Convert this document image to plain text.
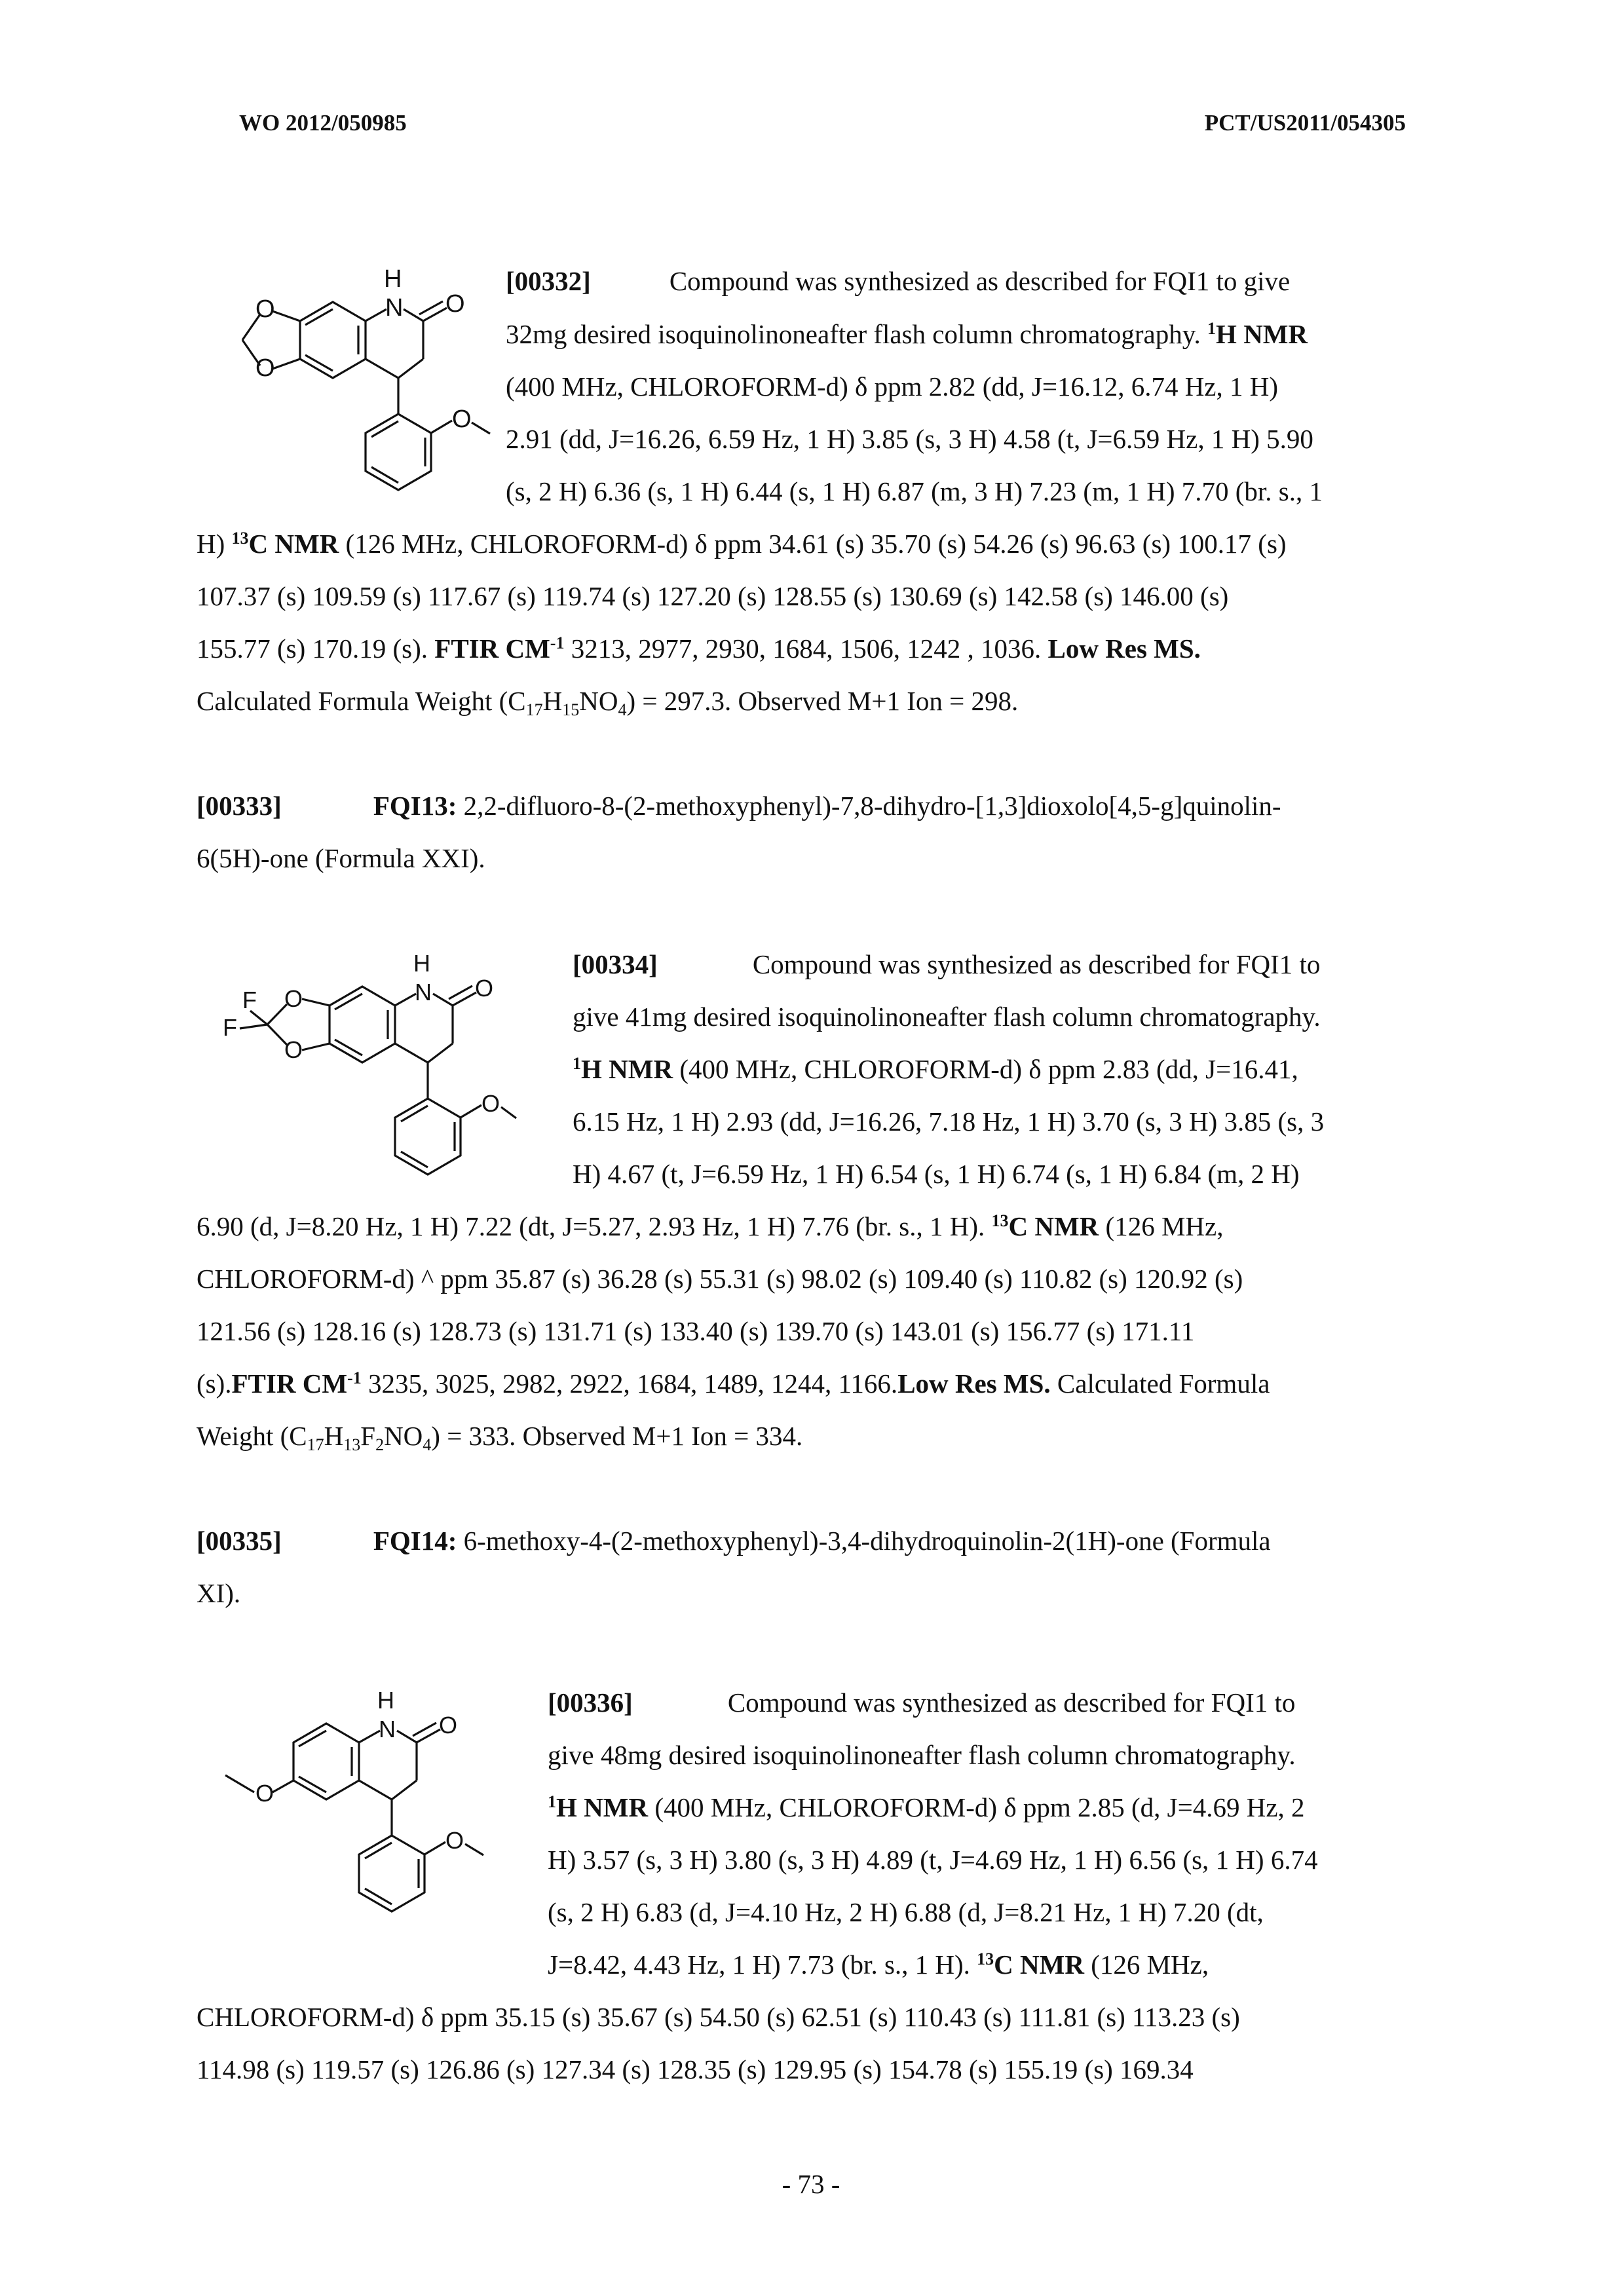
WO 2012/050985	PCT/US2011/054305
H
N O
O
O
O
[00332]	Compound was synthesized as described for FQI1 to give
32mg desired isoquinolinoneafter flash column chromatography. $^1$H NMR
(400 MHz, CHLOROFORM-d) δ ppm 2.82 (dd, J=16.12, 6.74 Hz, 1 H)
2.91 (dd, J=16.26, 6.59 Hz, 1 H) 3.85 (s, 3 H) 4.58 (t, J=6.59 Hz, 1 H) 5.90
(s, 2 H) 6.36 (s, 1 H) 6.44 (s, 1 H) 6.87 (m, 3 H) 7.23 (m, 1 H) 7.70 (br. s., 1
H) $^{13}$C NMR (126 MHz, CHLOROFORM-d) δ ppm 34.61 (s) 35.70 (s) 54.26 (s) 96.63 (s) 100.17 (s)
107.37 (s) 109.59 (s) 117.67 (s) 119.74 (s) 127.20 (s) 128.55 (s) 130.69 (s) 142.58 (s) 146.00 (s)
155.77 (s) 170.19 (s). FTIR $CM^{-1}$ 3213, 2977, 2930, 1684, 1506, 1242 , 1036. Low Res MS.
Calculated Formula Weight $(C_{17}H_{15}NO_4) = 297.3$. Observed M+1 Ion = 298.
[00333]	FQI13: 2,2-difluoro-8-(2-methoxyphenyl)-7,8-dihydro-[1,3]dioxolo[4,5-g]quinolin-
6(5H)-one (Formula XXI).
H
N O
O
O
F
F
O
[00334]	Compound was synthesized as described for FQI1 to
give 41mg desired isoquinolinoneafter flash column chromatography.
$^1$H NMR (400 MHz, CHLOROFORM-d) δ ppm 2.83 (dd, J=16.41,
6.15 Hz, 1 H) 2.93 (dd, J=16.26, 7.18 Hz, 1 H) 3.70 (s, 3 H) 3.85 (s, 3
H) 4.67 (t, J=6.59 Hz, 1 H) 6.54 (s, 1 H) 6.74 (s, 1 H) 6.84 (m, 2 H)
6.90 (d, J=8.20 Hz, 1 H) 7.22 (dt, J=5.27, 2.93 Hz, 1 H) 7.76 (br. s., 1 H). $^{13}$C NMR (126 MHz,
CHLOROFORM-d) ^ ppm 35.87 (s) 36.28 (s) 55.31 (s) 98.02 (s) 109.40 (s) 110.82 (s) 120.92 (s)
121.56 (s) 128.16 (s) 128.73 (s) 131.71 (s) 133.40 (s) 139.70 (s) 143.01 (s) 156.77 (s) 171.11
(s).FTIR $CM^{-1}$ 3235, 3025, 2982, 2922, 1684, 1489, 1244, 1166.Low Res MS. Calculated Formula
Weight $(C_{17}H_{13}F_2NO_4) = 333$. Observed M+1 Ion = 334.
[00335]	FQI14: 6-methoxy-4-(2-methoxyphenyl)-3,4-dihydroquinolin-2(1H)-one (Formula
XI).
H
N O
O
O
[00336]	Compound was synthesized as described for FQI1 to
give 48mg desired isoquinolinoneafter flash column chromatography.
$^1$H NMR (400 MHz, CHLOROFORM-d) δ ppm 2.85 (d, J=4.69 Hz, 2
H) 3.57 (s, 3 H) 3.80 (s, 3 H) 4.89 (t, J=4.69 Hz, 1 H) 6.56 (s, 1 H) 6.74
(s, 2 H) 6.83 (d, J=4.10 Hz, 2 H) 6.88 (d, J=8.21 Hz, 1 H) 7.20 (dt,
J=8.42, 4.43 Hz, 1 H) 7.73 (br. s., 1 H). $^{13}$C NMR (126 MHz,
CHLOROFORM-d) δ ppm 35.15 (s) 35.67 (s) 54.50 (s) 62.51 (s) 110.43 (s) 111.81 (s) 113.23 (s)
114.98 (s) 119.57 (s) 126.86 (s) 127.34 (s) 128.35 (s) 129.95 (s) 154.78 (s) 155.19 (s) 169.34
- 73 -
